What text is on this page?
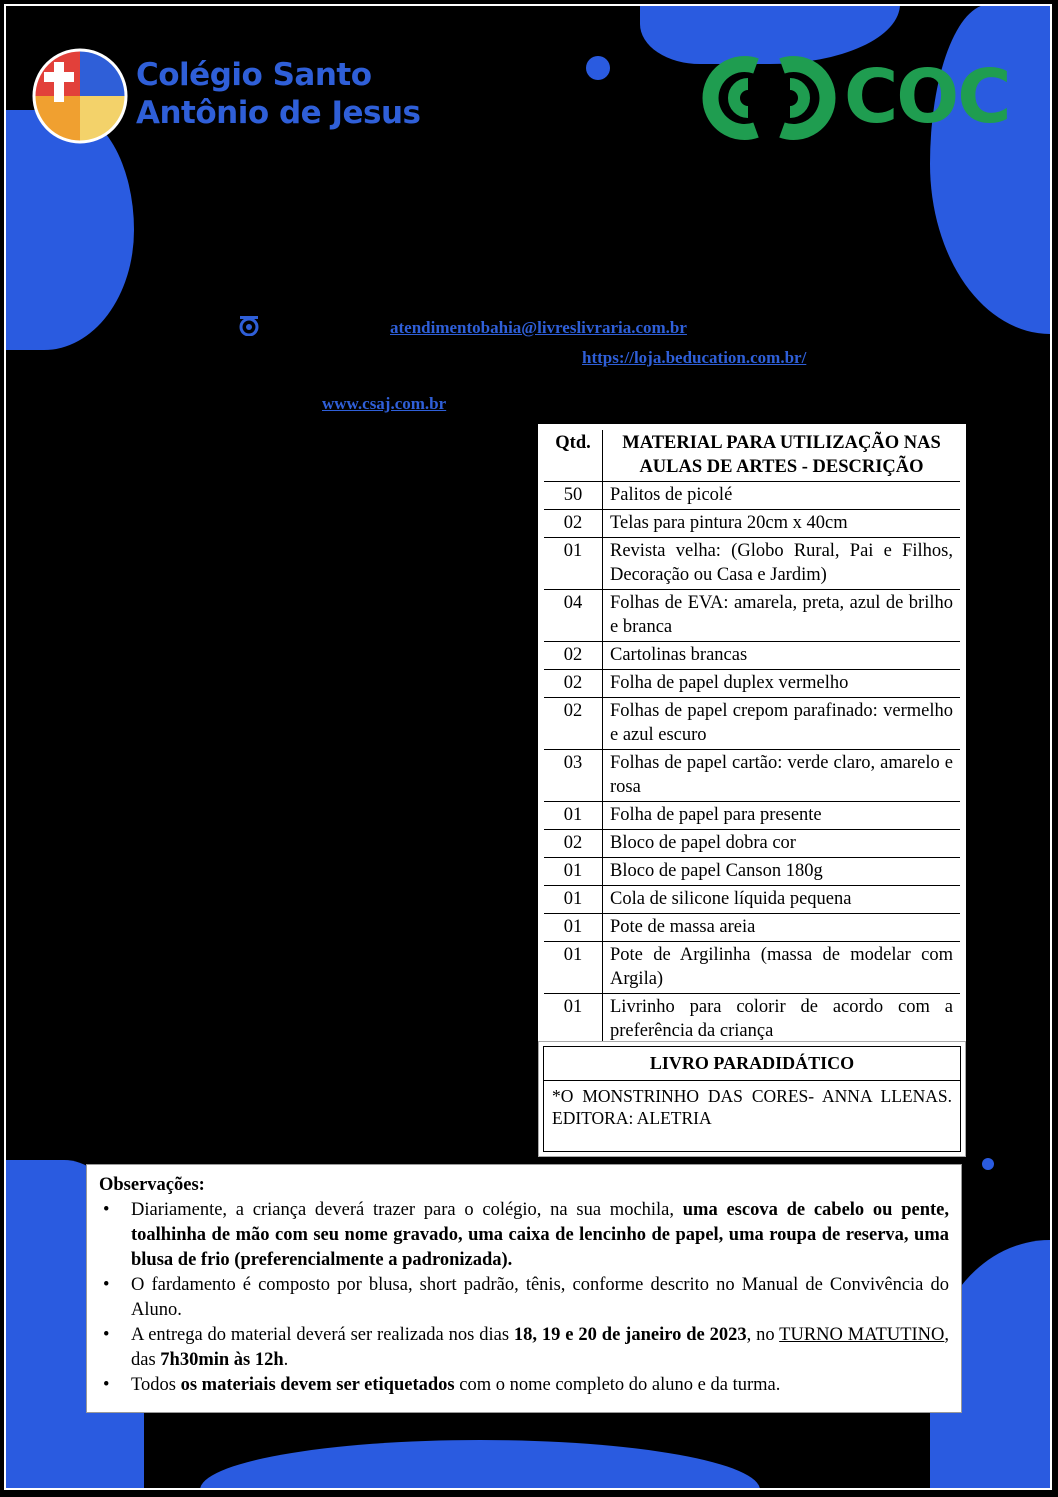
Colégio Santo
Antônio de Jesus	COC
atendimentobahia@livreslivraria.com.br
https://loja.beducation.com.br/
www.csaj.com.br
Qtd.	MATERIAL PARA UTILIZAÇÃO NAS AULAS DE ARTES - DESCRIÇÃO
50	Palitos de picolé
02	Telas para pintura 20cm x 40cm
01	Revista velha: (Globo Rural, Pai e Filhos, Decoração ou Casa e Jardim)
04	Folhas de EVA: amarela, preta, azul de brilho e branca
02	Cartolinas brancas
02	Folha de papel duplex vermelho
02	Folhas de papel crepom parafinado: vermelho e azul escuro
03	Folhas de papel cartão: verde claro, amarelo e rosa
01	Folha de papel para presente
02	Bloco de papel dobra cor
01	Bloco de papel Canson 180g
01	Cola de silicone líquida pequena
01	Pote de massa areia
01	Pote de Argilinha (massa de modelar com Argila)
01	Livrinho para colorir de acordo com a preferência da criança
LIVRO PARADIDÁTICO
*O MONSTRINHO DAS CORES- ANNA LLENAS. EDITORA: ALETRIA
Observações:
• Diariamente, a criança deverá trazer para o colégio, na sua mochila, uma escova de cabelo ou pente, toalhinha de mão com seu nome gravado, uma caixa de lencinho de papel, uma roupa de reserva, uma blusa de frio (preferencialmente a padronizada).
• O fardamento é composto por blusa, short padrão, tênis, conforme descrito no Manual de Convivência do Aluno.
• A entrega do material deverá ser realizada nos dias 18, 19 e 20 de janeiro de 2023, no TURNO MATUTINO, das 7h30min às 12h.
• Todos os materiais devem ser etiquetados com o nome completo do aluno e da turma.
